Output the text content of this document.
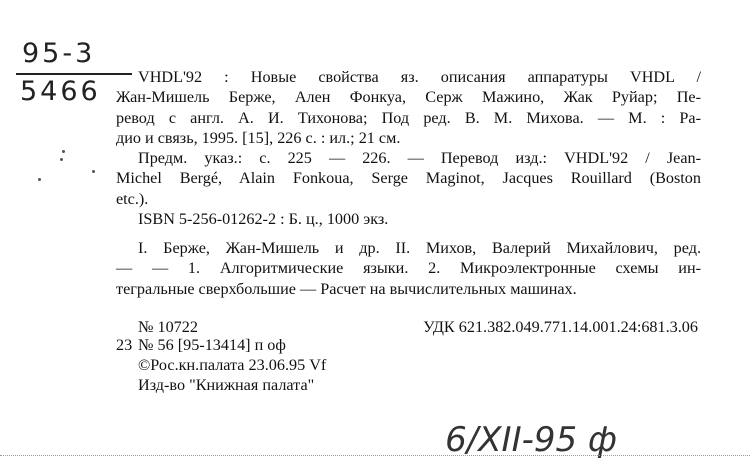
95-3
5466	VHDL'92 : Новые свойства яз. описания аппаратуры VHDL /
Жан-Мишель Берже, Ален Фонкуа, Серж Мажино, Жак Руйар; Пе-
ревод с англ. А. И. Тихонова; Под ред. В. М. Михова. — М. : Ра-
дио и связь, 1995. [15], 226 с. : ил.; 21 см.
Предм. указ.: с. 225 — 226. — Перевод изд.: VHDL'92 / Jean-
Michel Bergé, Alain Fonkoua, Serge Maginot, Jacques Rouillard (Boston
etc.).
ISBN 5-256-01262-2 : Б. ц., 1000 экз.
I. Берже, Жан-Мишель и др. II. Михов, Валерий Михайлович, ред.
— — 1. Алгоритмические языки. 2. Микроэлектронные схемы ин-
тегральные сверхбольшие — Расчет на вычислительных машинах.
№ 10722	УДК 621.382.049.771.14.001.24:681.3.06
23 № 56 [95-13414] п оф
©Рос.кн.палата 23.06.95 Vf
Изд-во "Книжная палата"
6/XII-95 ф
